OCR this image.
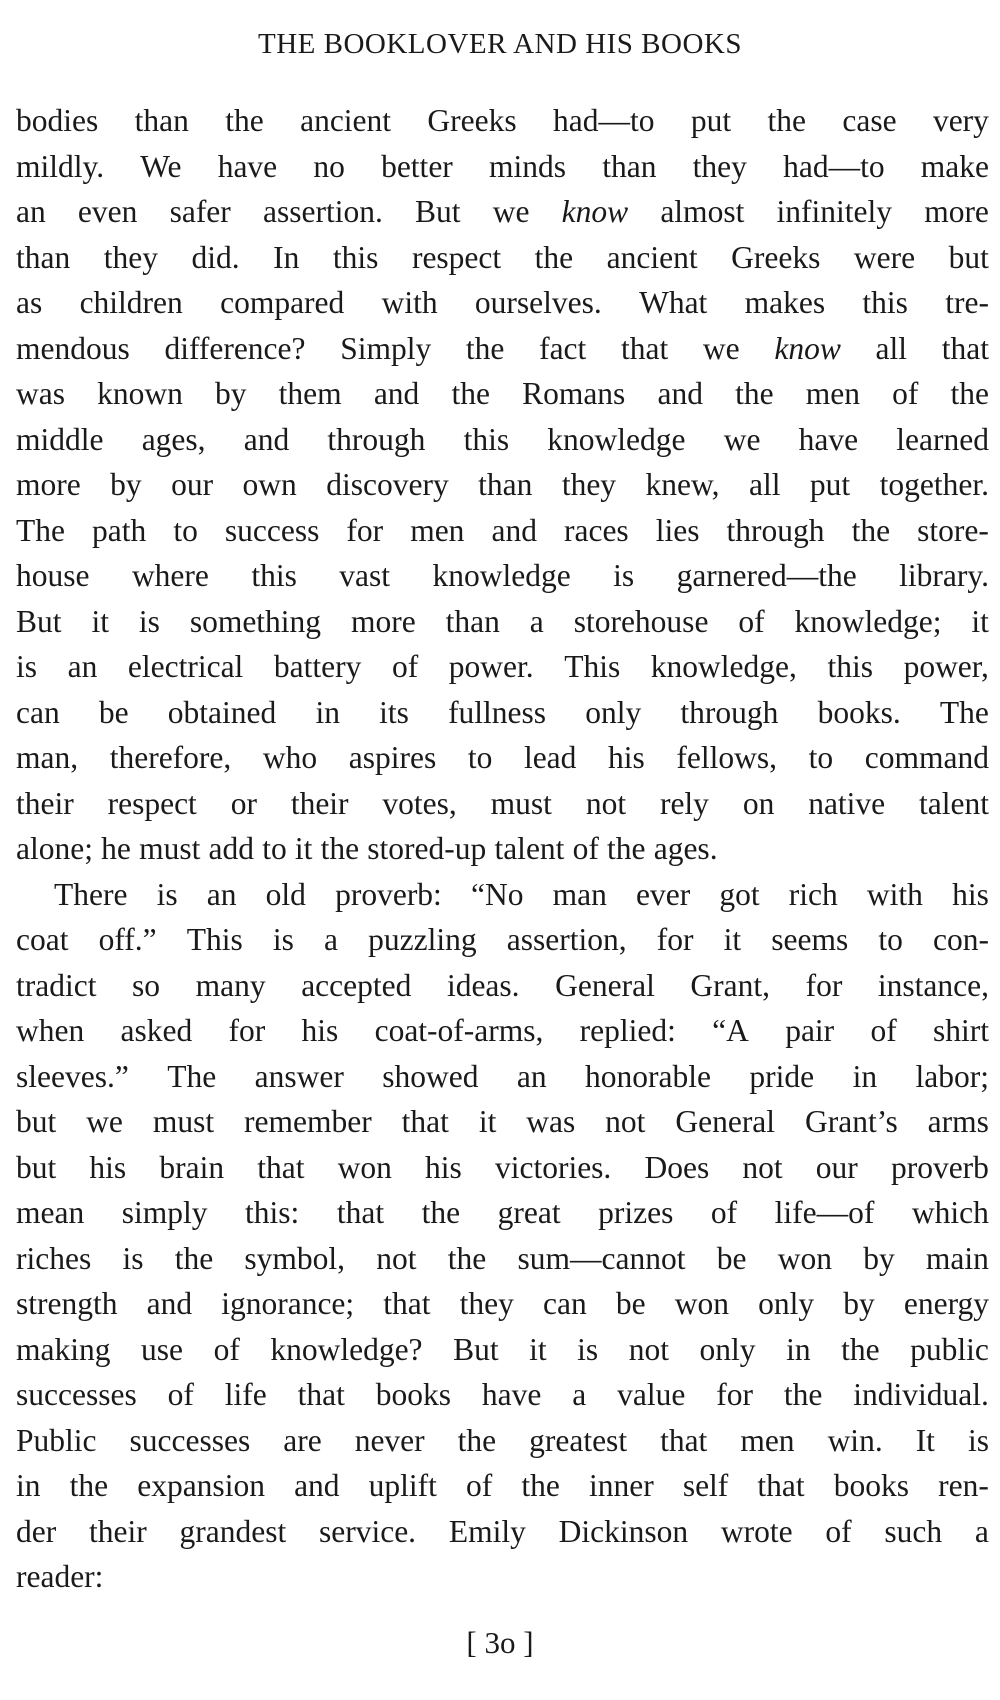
THE BOOKLOVER AND HIS BOOKS
bodies than the ancient Greeks had—to put the case very
mildly. We have no better minds than they had—to make
an even safer assertion. But we know almost infinitely more
than they did. In this respect the ancient Greeks were but
as children compared with ourselves. What makes this tre-
mendous difference? Simply the fact that we know all that
was known by them and the Romans and the men of the
middle ages, and through this knowledge we have learned
more by our own discovery than they knew, all put together.
The path to success for men and races lies through the store-
house where this vast knowledge is garnered—the library.
But it is something more than a storehouse of knowledge; it
is an electrical battery of power. This knowledge, this power,
can be obtained in its fullness only through books. The
man, therefore, who aspires to lead his fellows, to command
their respect or their votes, must not rely on native talent
alone; he must add to it the stored-up talent of the ages.
There is an old proverb: “No man ever got rich with his
coat off.” This is a puzzling assertion, for it seems to con-
tradict so many accepted ideas. General Grant, for instance,
when asked for his coat-of-arms, replied: “A pair of shirt
sleeves.” The answer showed an honorable pride in labor;
but we must remember that it was not General Grant’s arms
but his brain that won his victories. Does not our proverb
mean simply this: that the great prizes of life—of which
riches is the symbol, not the sum—cannot be won by main
strength and ignorance; that they can be won only by energy
making use of knowledge? But it is not only in the public
successes of life that books have a value for the individual.
Public successes are never the greatest that men win. It is
in the expansion and uplift of the inner self that books ren-
der their grandest service. Emily Dickinson wrote of such a
reader:
[ 3o ]
